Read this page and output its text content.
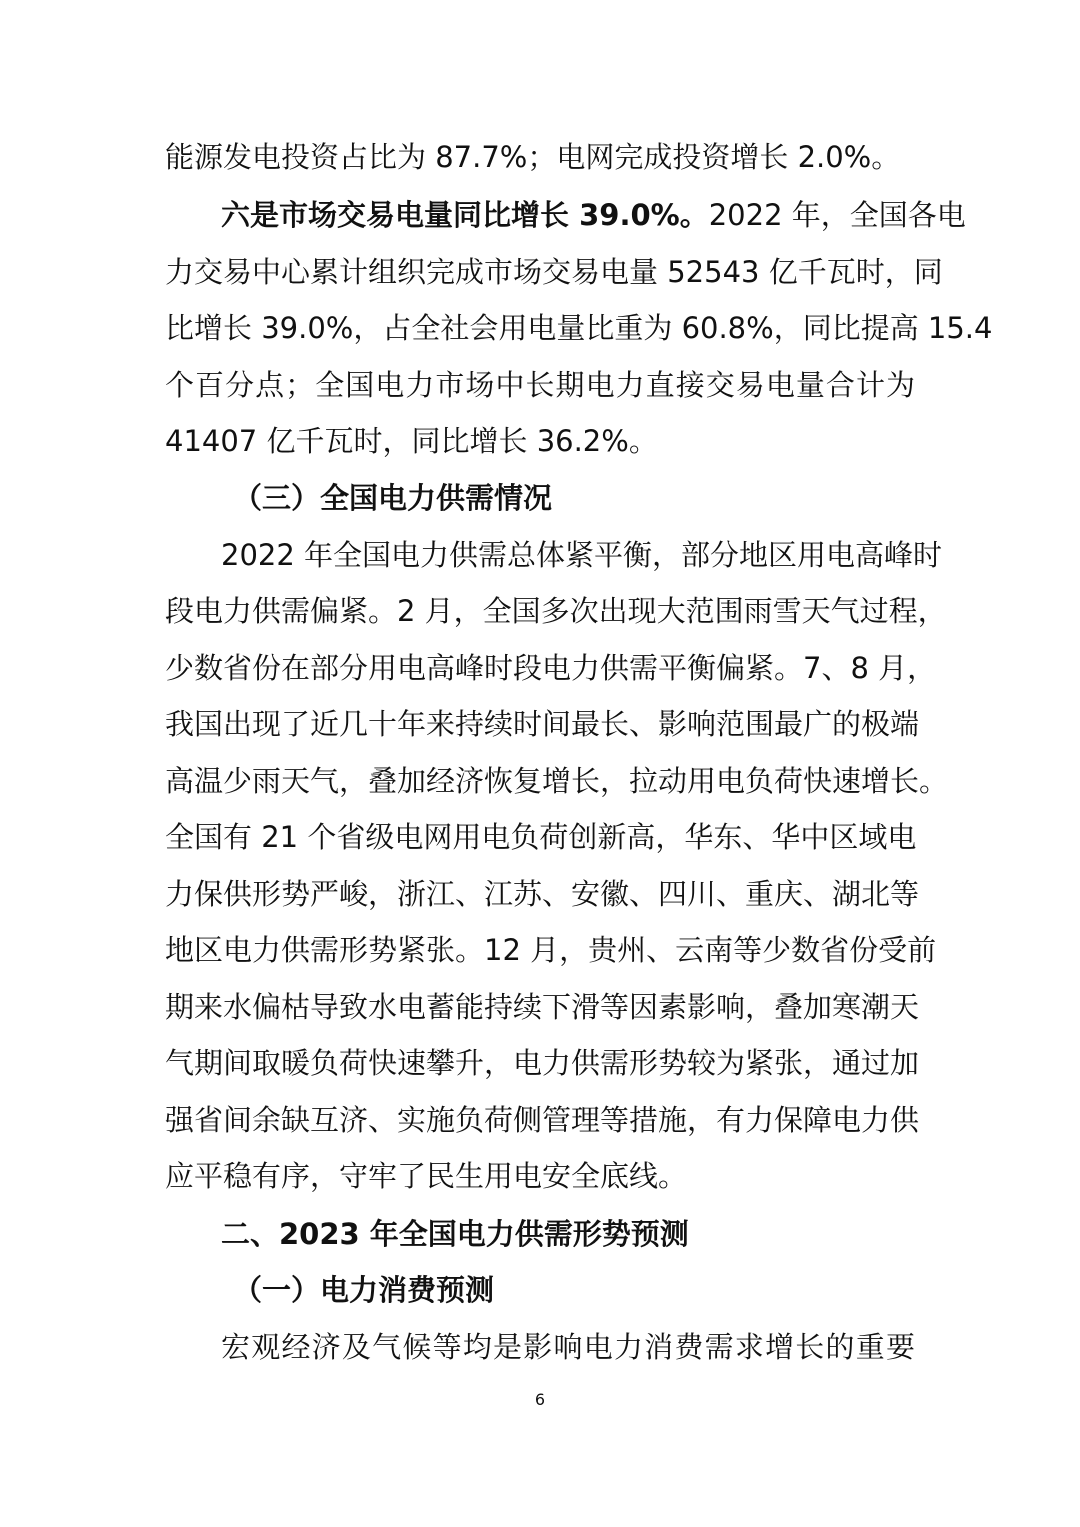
能源发电投资占比为 87.7%；电网完成投资增长 2.0%。
六是市场交易电量同比增长 39.0%。2022 年，全国各电
力交易中心累计组织完成市场交易电量 52543 亿千瓦时，同
比增长 39.0%，占全社会用电量比重为 60.8%，同比提高 15.4
个百分点；全国电力市场中长期电力直接交易电量合计为
41407 亿千瓦时，同比增长 36.2%。
（三）全国电力供需情况
2022 年全国电力供需总体紧平衡，部分地区用电高峰时
段电力供需偏紧。2 月，全国多次出现大范围雨雪天气过程，
少数省份在部分用电高峰时段电力供需平衡偏紧。7、8 月，
我国出现了近几十年来持续时间最长、影响范围最广的极端
高温少雨天气，叠加经济恢复增长，拉动用电负荷快速增长。
全国有 21 个省级电网用电负荷创新高，华东、华中区域电
力保供形势严峻，浙江、江苏、安徽、四川、重庆、湖北等
地区电力供需形势紧张。12 月，贵州、云南等少数省份受前
期来水偏枯导致水电蓄能持续下滑等因素影响，叠加寒潮天
气期间取暖负荷快速攀升，电力供需形势较为紧张，通过加
强省间余缺互济、实施负荷侧管理等措施，有力保障电力供
应平稳有序，守牢了民生用电安全底线。
二、2023 年全国电力供需形势预测
（一）电力消费预测
宏观经济及气候等均是影响电力消费需求增长的重要
6
